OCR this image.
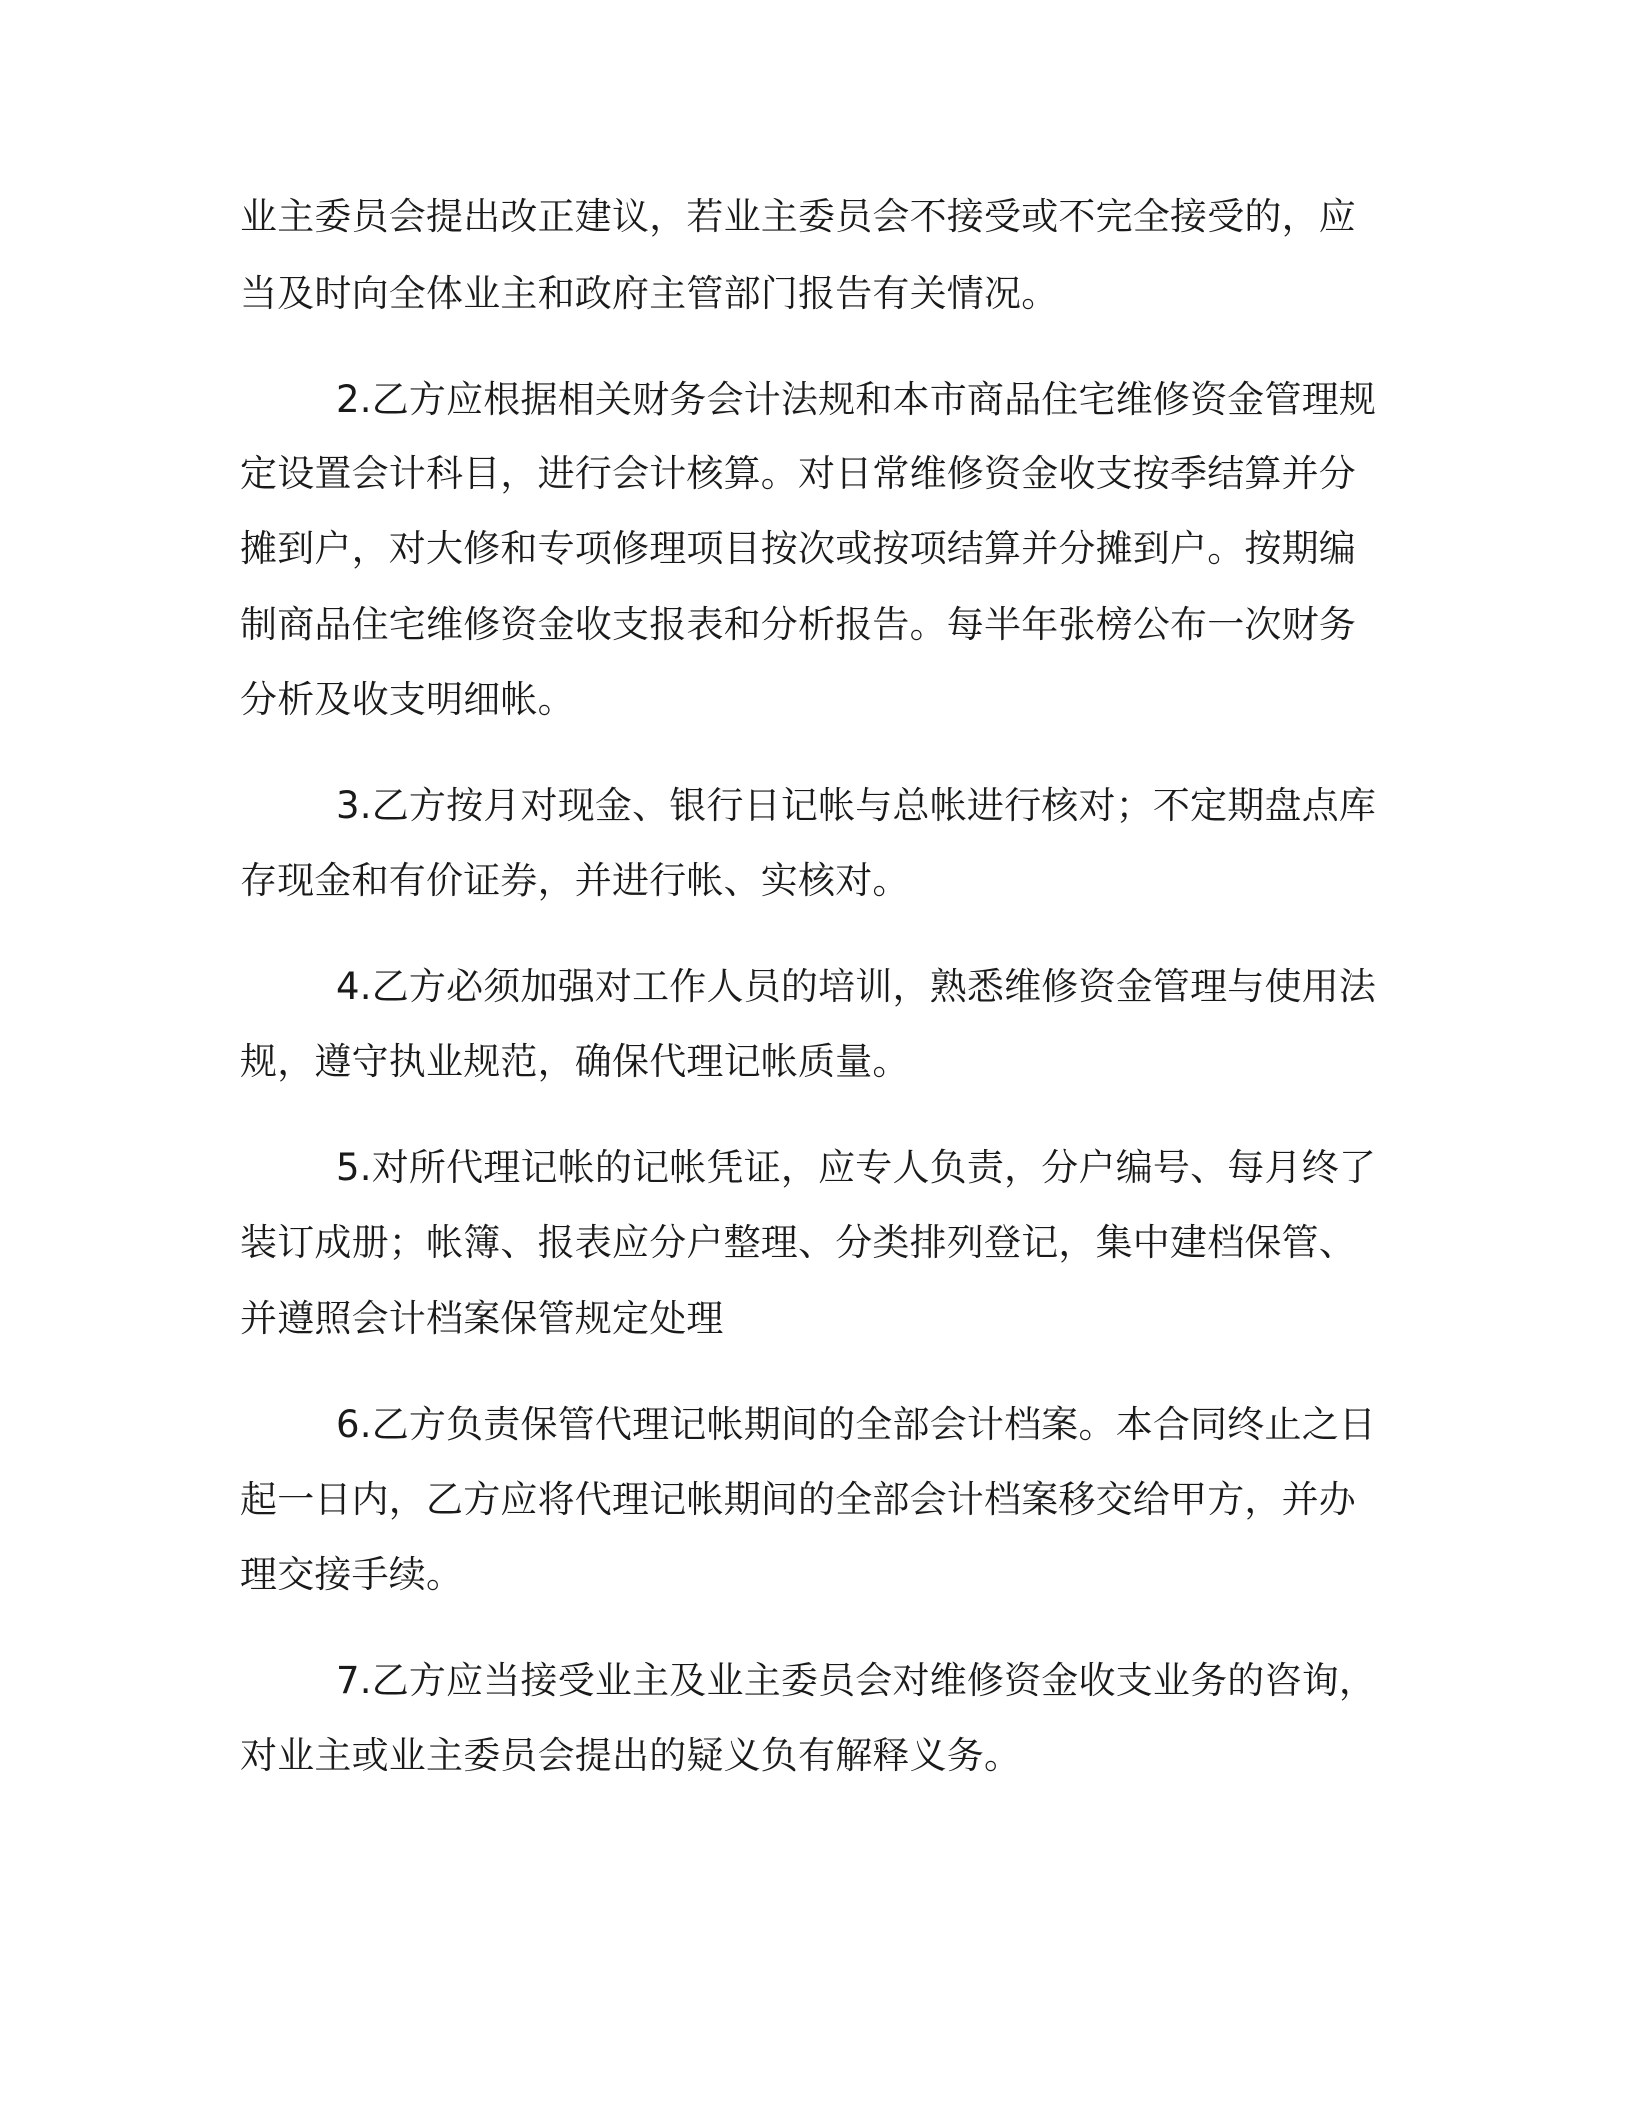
业主委员会提出改正建议，若业主委员会不接受或不完全接受的，应
当及时向全体业主和政府主管部门报告有关情况。
2.乙方应根据相关财务会计法规和本市商品住宅维修资金管理规
定设置会计科目，进行会计核算。对日常维修资金收支按季结算并分
摊到户，对大修和专项修理项目按次或按项结算并分摊到户。按期编
制商品住宅维修资金收支报表和分析报告。每半年张榜公布一次财务
分析及收支明细帐。
3.乙方按月对现金、银行日记帐与总帐进行核对；不定期盘点库
存现金和有价证券，并进行帐、实核对。
4.乙方必须加强对工作人员的培训，熟悉维修资金管理与使用法
规，遵守执业规范，确保代理记帐质量。
5.对所代理记帐的记帐凭证，应专人负责，分户编号、每月终了
装订成册；帐簿、报表应分户整理、分类排列登记，集中建档保管、
并遵照会计档案保管规定处理
6.乙方负责保管代理记帐期间的全部会计档案。本合同终止之日
起一日内，乙方应将代理记帐期间的全部会计档案移交给甲方，并办
理交接手续。
7.乙方应当接受业主及业主委员会对维修资金收支业务的咨询，
对业主或业主委员会提出的疑义负有解释义务。
